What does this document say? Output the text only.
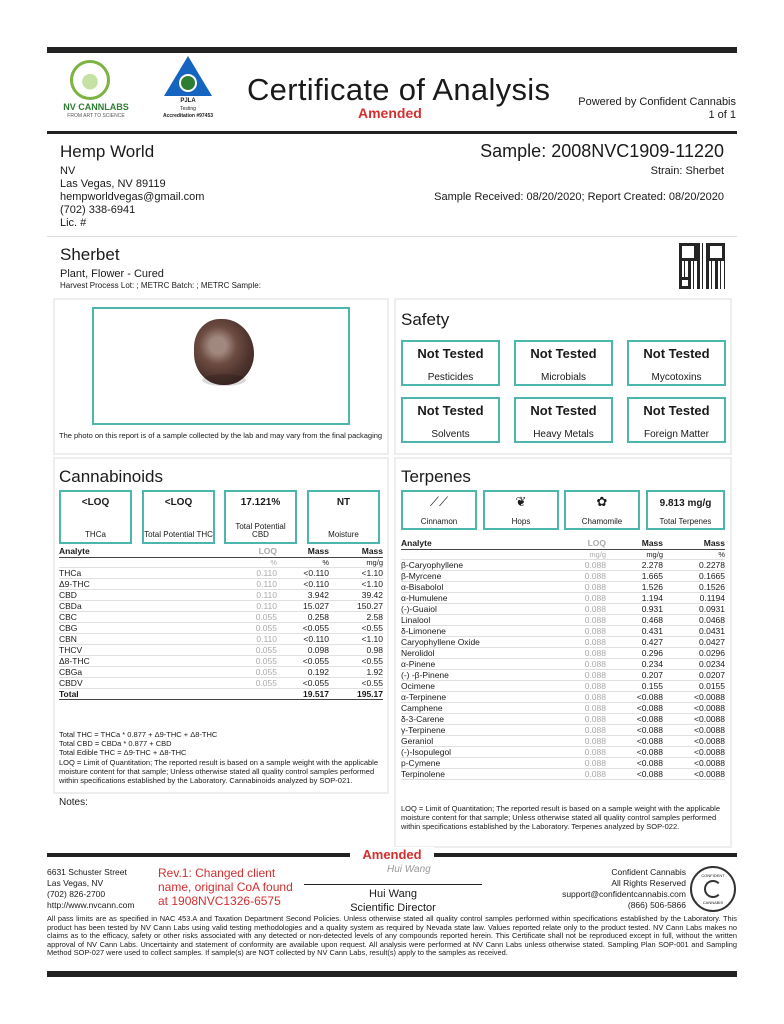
NV CANNLABS
FROM ART TO SCIENCE
PJLA
Testing
Accreditation #97453
Certificate of Analysis
Amended
Powered by Confident Cannabis
1 of 1
Hemp World
NV
Las Vegas, NV 89119
hempworldvegas@gmail.com
(702) 338-6941
Lic. #
Sample: 2008NVC1909-11220
Strain: Sherbet
Sample Received: 08/20/2020; Report Created: 08/20/2020
Sherbet
Plant, Flower - Cured
Harvest Process Lot: ; METRC Batch: ; METRC Sample:
The photo on this report is of a sample collected by the lab and may vary from the final packaging
Safety
Not Tested
Pesticides
Not Tested
Microbials
Not Tested
Mycotoxins
Not Tested
Solvents
Not Tested
Heavy Metals
Not Tested
Foreign Matter
Cannabinoids
<LOQ
THCa
<LOQ
Total Potential THC
17.121%
Total Potential CBD
NT
Moisture
Analyte	LOQ	Mass	Mass
	%	%	mg/g
THCa	0.110	<0.110	<1.10
Δ9-THC	0.110	<0.110	<1.10
CBD	0.110	3.942	39.42
CBDa	0.110	15.027	150.27
CBC	0.055	0.258	2.58
CBG	0.055	<0.055	<0.55
CBN	0.110	<0.110	<1.10
THCV	0.055	0.098	0.98
Δ8-THC	0.055	<0.055	<0.55
CBGa	0.055	0.192	1.92
CBDV	0.055	<0.055	<0.55
Total		19.517	195.17
Total THC = THCa * 0.877 + Δ9-THC + Δ8-THC
Total CBD = CBDa * 0.877 + CBD
Total Edible THC = Δ9-THC + Δ8-THC
LOQ = Limit of Quantitation; The reported result is based on a sample weight with the applicable moisture content for that sample; Unless otherwise stated all quality control samples performed within specifications established by the Laboratory. Cannabinoids analyzed by SOP-021.
Notes:
Terpenes
⟋⟋
Cinnamon
❦
Hops
✿
Chamomile
9.813 mg/g
Total Terpenes
Analyte	LOQ	Mass	Mass
	mg/g	mg/g	%
β-Caryophyllene	0.088	2.278	0.2278
β-Myrcene	0.088	1.665	0.1665
α-Bisabolol	0.088	1.526	0.1526
α-Humulene	0.088	1.194	0.1194
(-)-Guaiol	0.088	0.931	0.0931
Linalool	0.088	0.468	0.0468
δ-Limonene	0.088	0.431	0.0431
Caryophyllene Oxide	0.088	0.427	0.0427
Nerolidol	0.088	0.296	0.0296
α-Pinene	0.088	0.234	0.0234
(-) -β-Pinene	0.088	0.207	0.0207
Ocimene	0.088	0.155	0.0155
α-Terpinene	0.088	<0.088	<0.0088
Camphene	0.088	<0.088	<0.0088
δ-3-Carene	0.088	<0.088	<0.0088
γ-Terpinene	0.088	<0.088	<0.0088
Geraniol	0.088	<0.088	<0.0088
(-)-Isopulegol	0.088	<0.088	<0.0088
p-Cymene	0.088	<0.088	<0.0088
Terpinolene	0.088	<0.088	<0.0088
LOQ = Limit of Quantitation; The reported result is based on a sample weight with the applicable moisture content for that sample; Unless otherwise stated all quality control samples performed within specifications established by the Laboratory. Terpenes analyzed by SOP-022.
Amended
6631 Schuster Street
Las Vegas, NV
(702) 826-2700
http://www.nvcann.com
Rev.1: Changed client name, original CoA found at 1908NVC1326-6575
Hui Wang
Hui Wang
Scientific Director
Confident Cannabis
All Rights Reserved
support@confidentcannabis.com
(866) 506-5866
CONFIDENT
CANNABIS
All pass limits are as specified in NAC 453.A and Taxation Department Second Policies. Unless otherwise stated all quality control samples performed within specifications established by the Laboratory. This product has been tested by NV Cann Labs using valid testing methodologies and a quality system as required by Nevada state law. Values reported relate only to the product tested. NV Cann Labs makes no claims as to the efficacy, safety or other risks associated with any detected or non-detected levels of any compounds reported herein. This Certificate shall not be reproduced except in full, without the written approval of NV Cann Labs. Uncertainty and statement of conformity are available upon request. All analysis were performed at NV Cann Labs unless otherwise stated. Sampling Plan SOP-001 and Sampling Method SOP-027 were used to collect samples. If sample(s) are NOT collected by NV Cann Labs, result(s) apply to the samples as received.
